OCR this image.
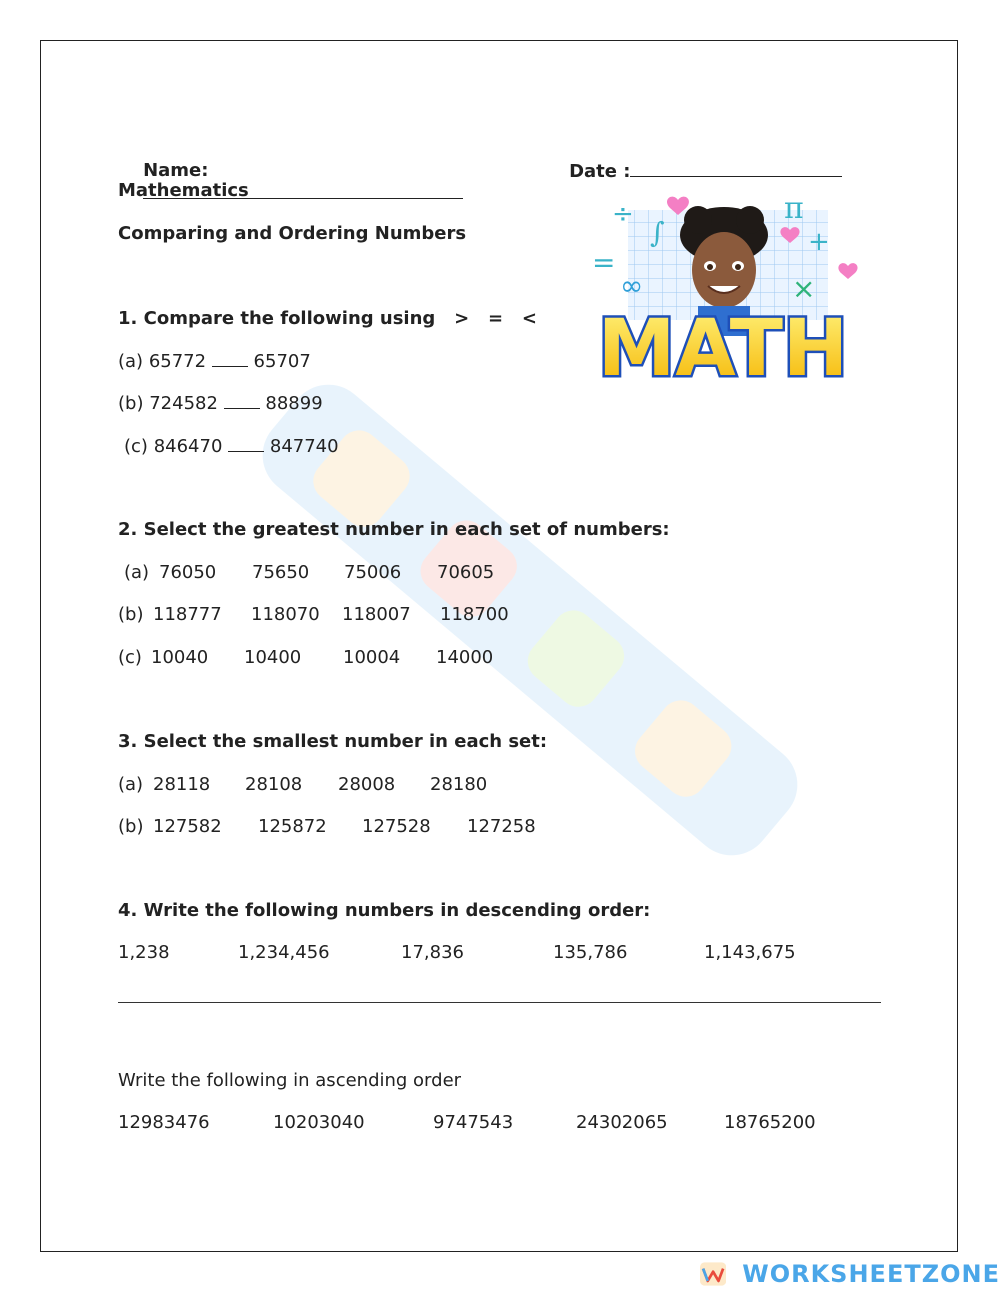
Name:

	Date :

Mathematics
Comparing and Ordering Numbers
1. Compare the following using   >   =   <
(a) 65772	65707
(b) 724582	88899
(c) 846470	847740
2. Select the greatest number in each set of numbers:
(a) 76050 75650 75006 70605
(b) 118777 118070 118007 118700
(c) 10040 10400 10004 14000
3. Select the smallest number in each set:
(a) 28118 28108 28008 28180
(b) 127582 125872 127528 127258
4. Write the following numbers in descending order:
1,238	1,234,456	17,836	135,786	1,143,675
Write the following in ascending order
12983476	10203040	9747543	24302065	18765200
÷
∫
=
∞
π
+
×
MATH
WORKSHEETZONE
